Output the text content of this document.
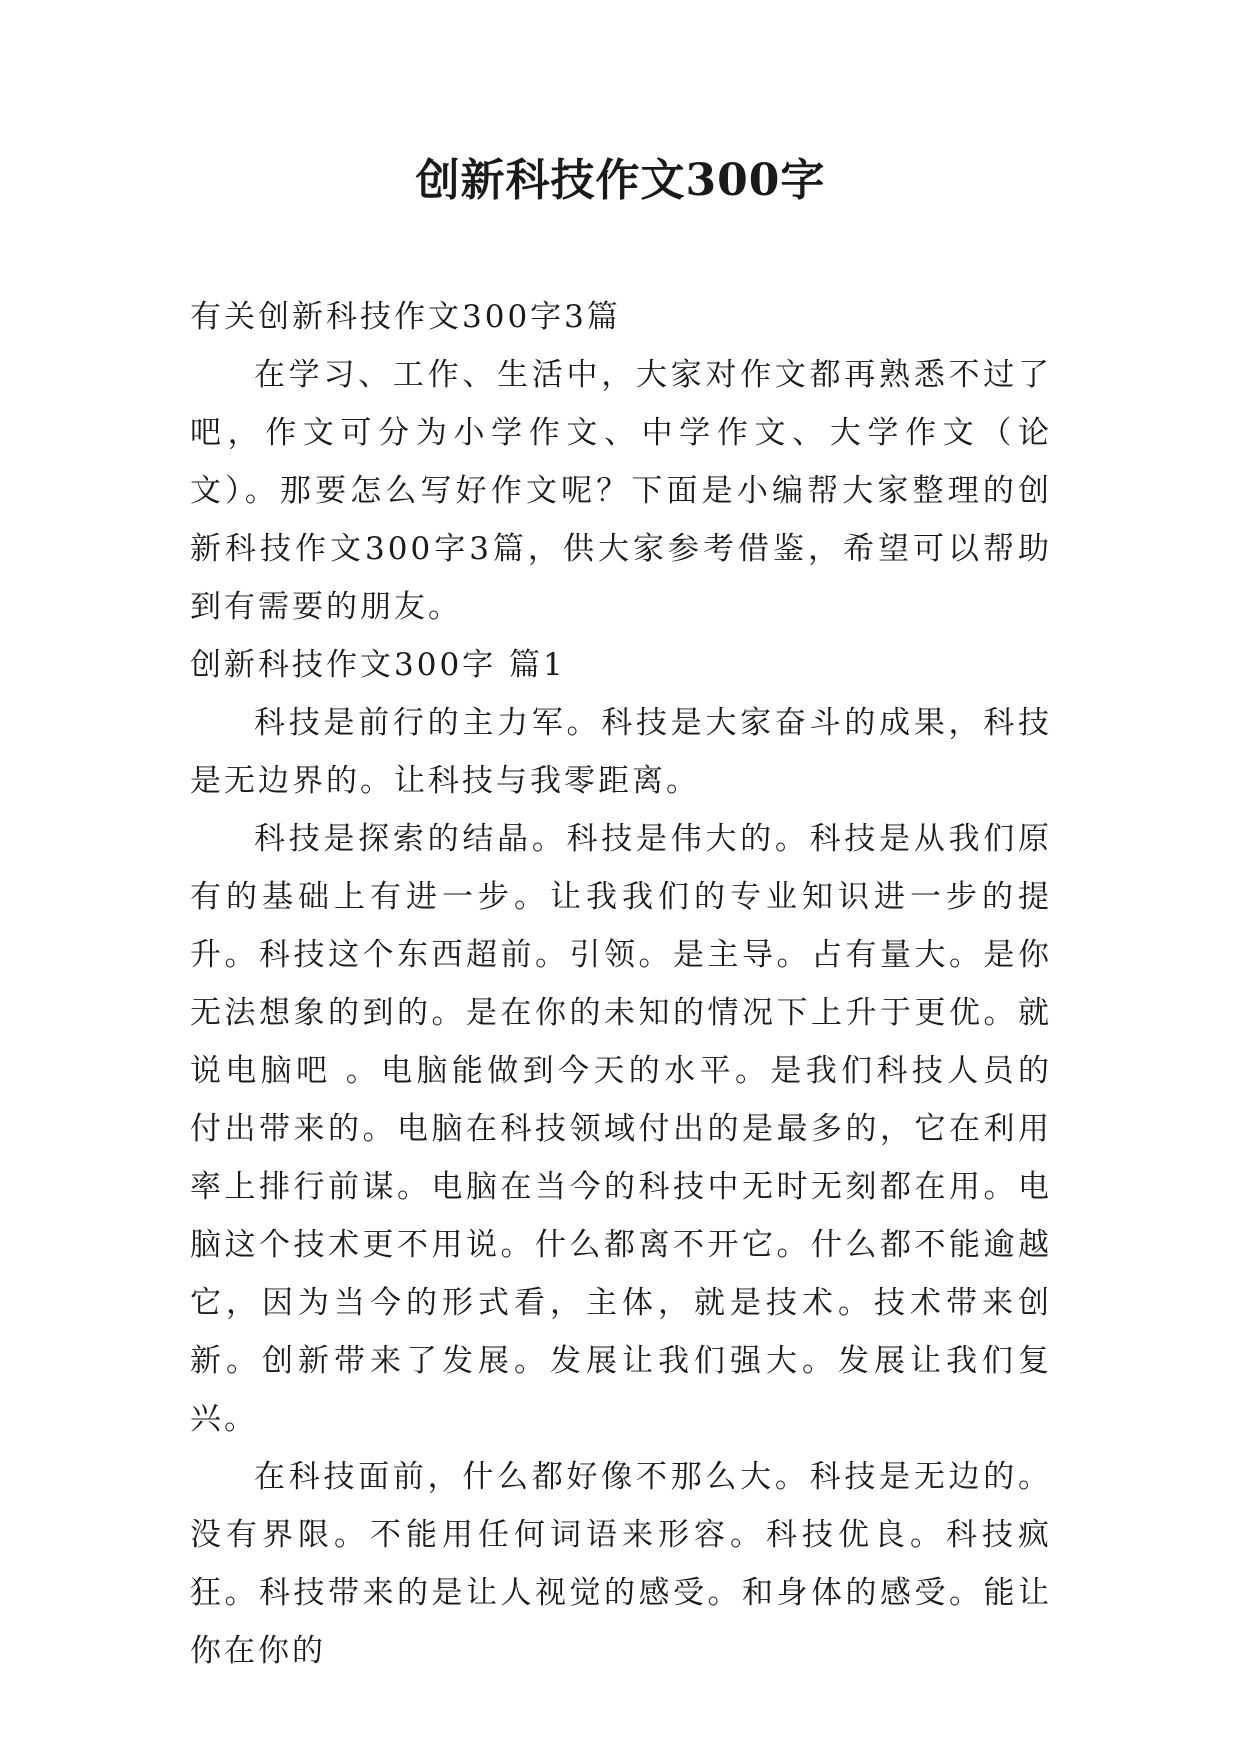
创新科技作文300字

有关创新科技作文300字3篇

在学习、工作、生活中，大家对作文都再熟悉不过了吧，作文可分为小学作文、中学作文、大学作文（论文）。那要怎么写好作文呢？下面是小编帮大家整理的创新科技作文300字3篇，供大家参考借鉴，希望可以帮助到有需要的朋友。

创新科技作文300字 篇1

科技是前行的主力军。科技是大家奋斗的成果，科技是无边界的。让科技与我零距离。

科技是探索的结晶。科技是伟大的。科技是从我们原有的基础上有进一步。让我我们的专业知识进一步的提升。科技这个东西超前。引领。是主导。占有量大。是你无法想象的到的。是在你的未知的情况下上升于更优。就说电脑吧 。电脑能做到今天的水平。是我们科技人员的付出带来的。电脑在科技领域付出的是最多的，它在利用率上排行前谋。电脑在当今的科技中无时无刻都在用。电脑这个技术更不用说。什么都离不开它。什么都不能逾越它，因为当今的形式看，主体，就是技术。技术带来创新。创新带来了发展。发展让我们强大。发展让我们复兴。

在科技面前，什么都好像不那么大。科技是无边的。没有界限。不能用任何词语来形容。科技优良。科技疯狂。科技带来的是让人视觉的感受。和身体的感受。能让你在你的
